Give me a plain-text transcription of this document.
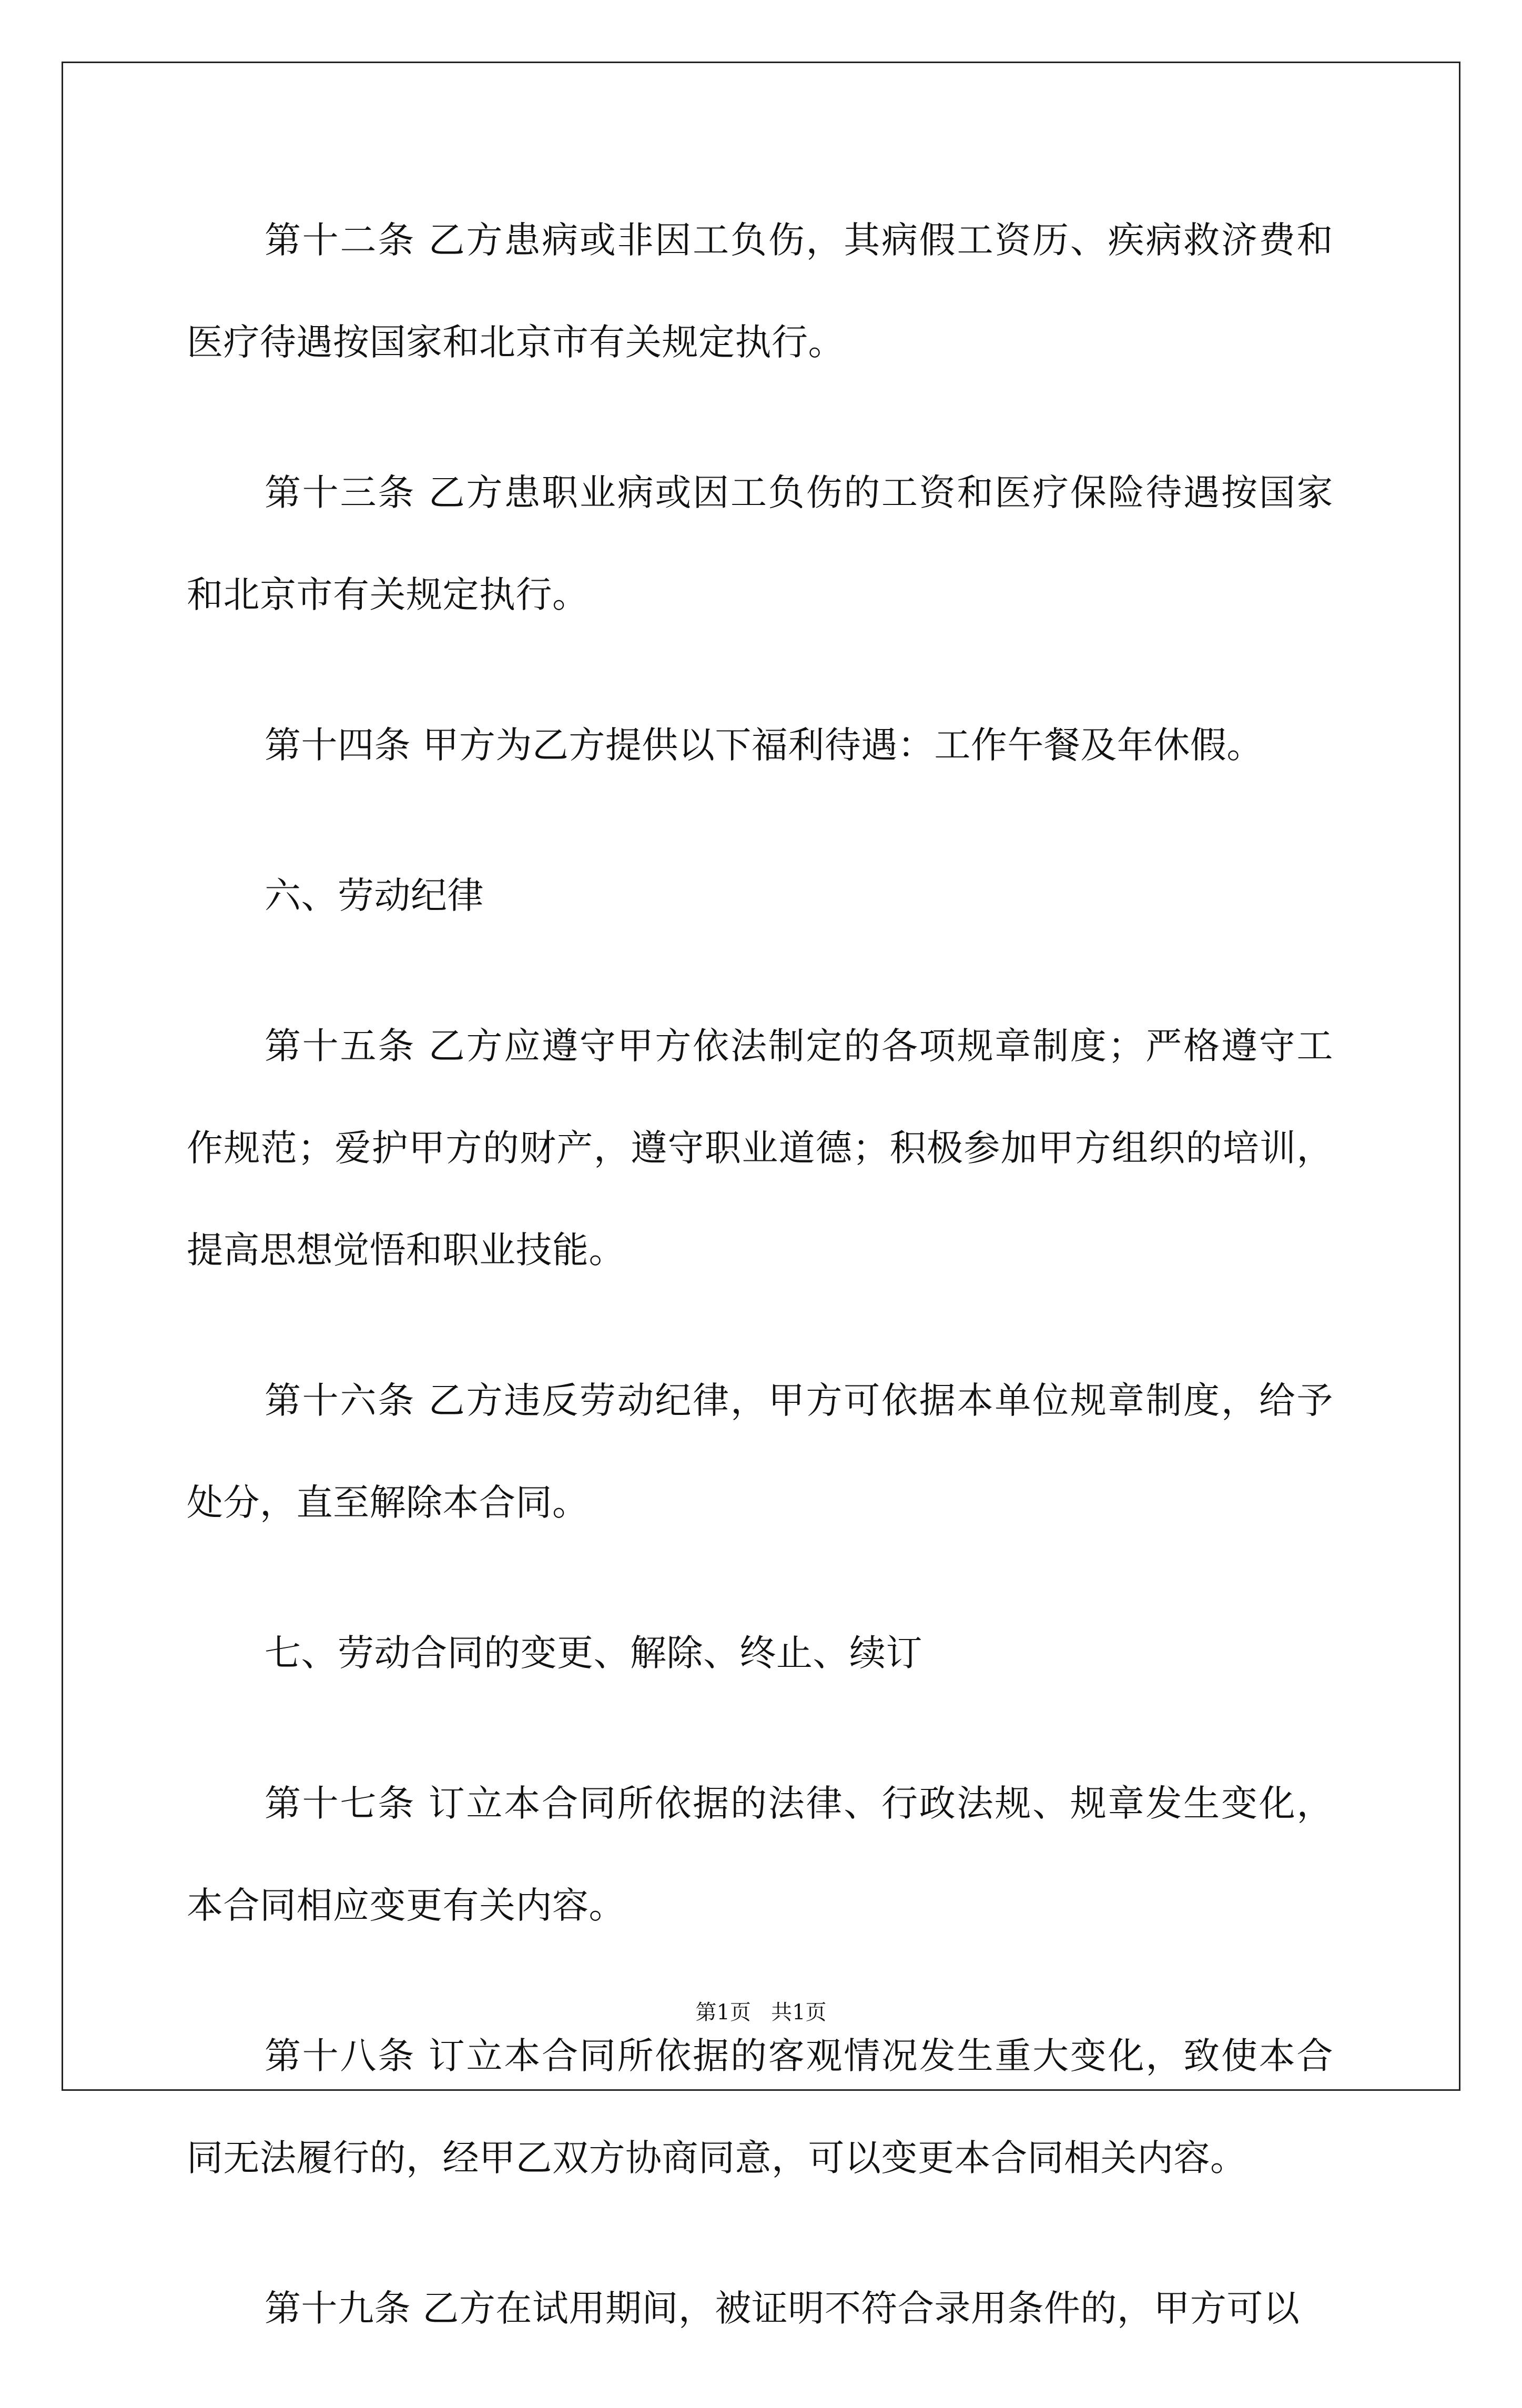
第十二条 乙方患病或非因工负伤，其病假工资历、疾病救济费和医疗待遇按国家和北京市有关规定执行。

第十三条 乙方患职业病或因工负伤的工资和医疗保险待遇按国家和北京市有关规定执行。

第十四条 甲方为乙方提供以下福利待遇：工作午餐及年休假。

六、劳动纪律

第十五条 乙方应遵守甲方依法制定的各项规章制度；严格遵守工作规范；爱护甲方的财产，遵守职业道德；积极参加甲方组织的培训，提高思想觉悟和职业技能。

第十六条 乙方违反劳动纪律，甲方可依据本单位规章制度，给予处分，直至解除本合同。

七、劳动合同的变更、解除、终止、续订

第十七条 订立本合同所依据的法律、行政法规、规章发生变化，本合同相应变更有关内容。

第十八条 订立本合同所依据的客观情况发生重大变化，致使本合同无法履行的，经甲乙双方协商同意，可以变更本合同相关内容。

第十九条 乙方在试用期间，被证明不符合录用条件的，甲方可以

第1页 共1页
